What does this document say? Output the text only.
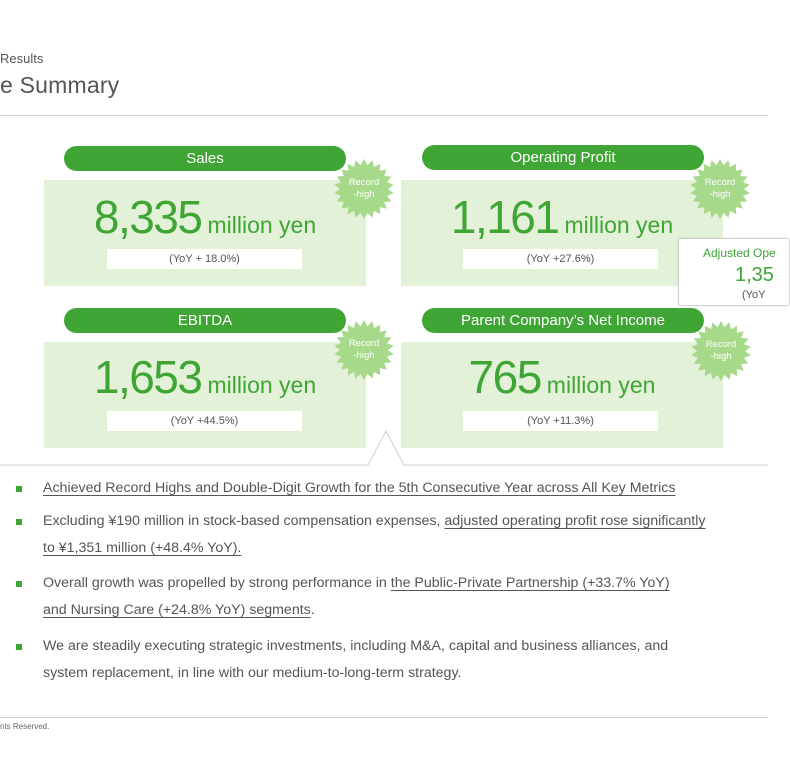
Results
e Summary
Sales
8,335 million yen
(YoY + 18.0%)
Record
-high
Operating Profit
1,161 million yen
(YoY +27.6%)
Record
-high
EBITDA
1,653 million yen
(YoY +44.5%)
Record
-high
Parent Company’s Net Income
765 million yen
(YoY +11.3%)
Record
-high
Adjusted Ope
1,35
(YoY
Achieved Record Highs and Double-Digit Growth for the 5th Consecutive Year across All Key Metrics
Excluding ¥190 million in stock-based compensation expenses, adjusted operating profit rose significantly
to ¥1,351 million (+48.4% YoY).
Overall growth was propelled by strong performance in the Public-Private Partnership (+33.7% YoY)
and Nursing Care (+24.8% YoY) segments.
We are steadily executing strategic investments, including M&A, capital and business alliances, and
system replacement, in line with our medium-to-long-term strategy.
nts Reserved.
